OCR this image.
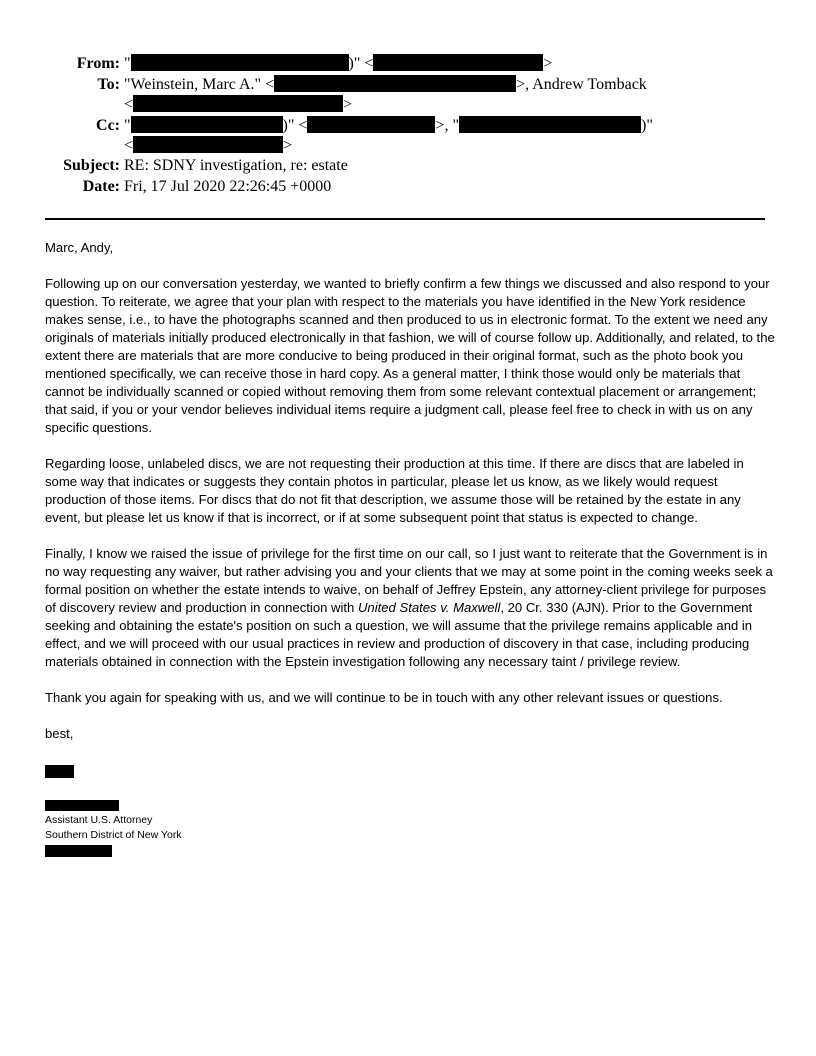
From: "	)" <	>
To: "Weinstein, Marc A." <	>, Andrew Tomback
<	>
Cc: "	)" <	>, "	)"
<	>
Subject: RE: SDNY investigation, re: estate
Date: Fri, 17 Jul 2020 22:26:45 +0000

Marc, Andy,

Following up on our conversation yesterday, we wanted to briefly confirm a few things we discussed and also respond to your question. To reiterate, we agree that your plan with respect to the materials you have identified in the New York residence makes sense, i.e., to have the photographs scanned and then produced to us in electronic format. To the extent we need any originals of materials initially produced electronically in that fashion, we will of course follow up. Additionally, and related, to the extent there are materials that are more conducive to being produced in their original format, such as the photo book you mentioned specifically, we can receive those in hard copy. As a general matter, I think those would only be materials that cannot be individually scanned or copied without removing them from some relevant contextual placement or arrangement; that said, if you or your vendor believes individual items require a judgment call, please feel free to check in with us on any specific questions.

Regarding loose, unlabeled discs, we are not requesting their production at this time. If there are discs that are labeled in some way that indicates or suggests they contain photos in particular, please let us know, as we likely would request production of those items. For discs that do not fit that description, we assume those will be retained by the estate in any event, but please let us know if that is incorrect, or if at some subsequent point that status is expected to change.

Finally, I know we raised the issue of privilege for the first time on our call, so I just want to reiterate that the Government is in no way requesting any waiver, but rather advising you and your clients that we may at some point in the coming weeks seek a formal position on whether the estate intends to waive, on behalf of Jeffrey Epstein, any attorney-client privilege for purposes of discovery review and production in connection with United States v. Maxwell, 20 Cr. 330 (AJN). Prior to the Government seeking and obtaining the estate's position on such a question, we will assume that the privilege remains applicable and in effect, and we will proceed with our usual practices in review and production of discovery in that case, including producing materials obtained in connection with the Epstein investigation following any necessary taint / privilege review.

Thank you again for speaking with us, and we will continue to be in touch with any other relevant issues or questions.

best,

Assistant U.S. Attorney
Southern District of New York
